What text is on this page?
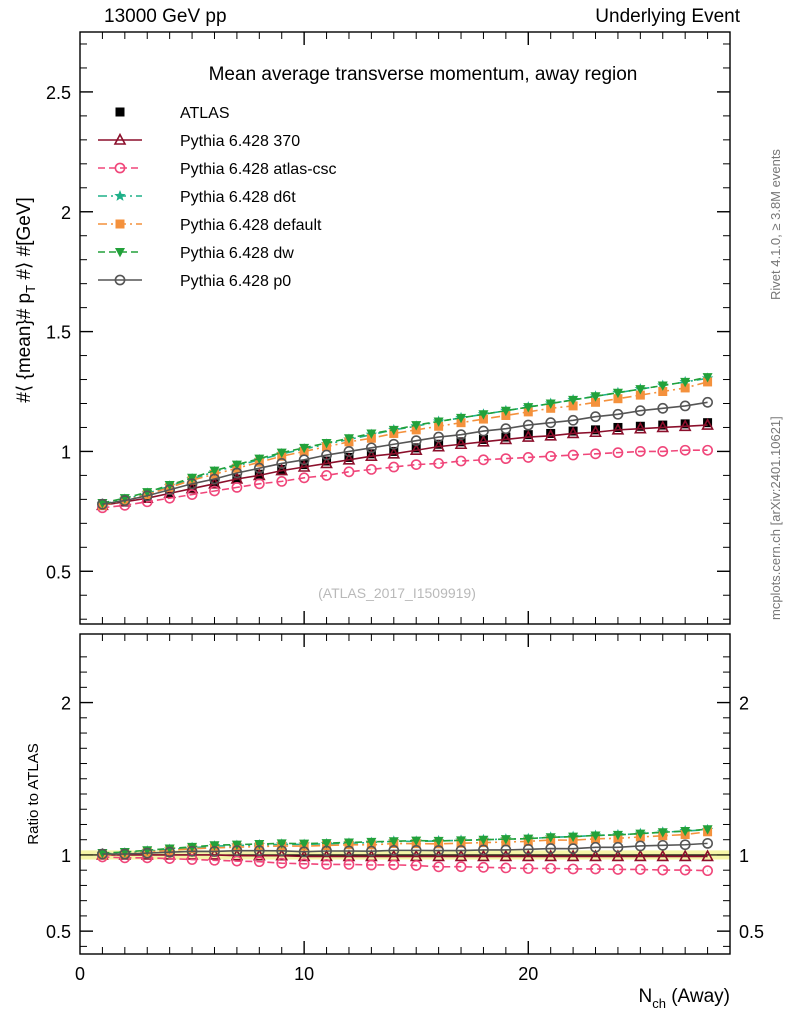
13000 GeV pp	Underlying Event
Rivet 4.1.0, ≥ 3.8M events
mcplots.cern.ch [arXiv:2401.10621]
0.5
1
1.5
2
2.5
0.5	0.5
1	1
2	2
10	20
0
Mean average transverse momentum, away region
(ATLAS_2017_I1509919)
ATLAS
Pythia 6.428 370
Pythia 6.428 atlas-csc
Pythia 6.428 d6t
Pythia 6.428 default
Pythia 6.428 dw
Pythia 6.428 p0
#⟨ {mean}# $p_T$ #⟩ #[GeV]
Ratio to ATLAS
$N_{ch}$ (Away)
